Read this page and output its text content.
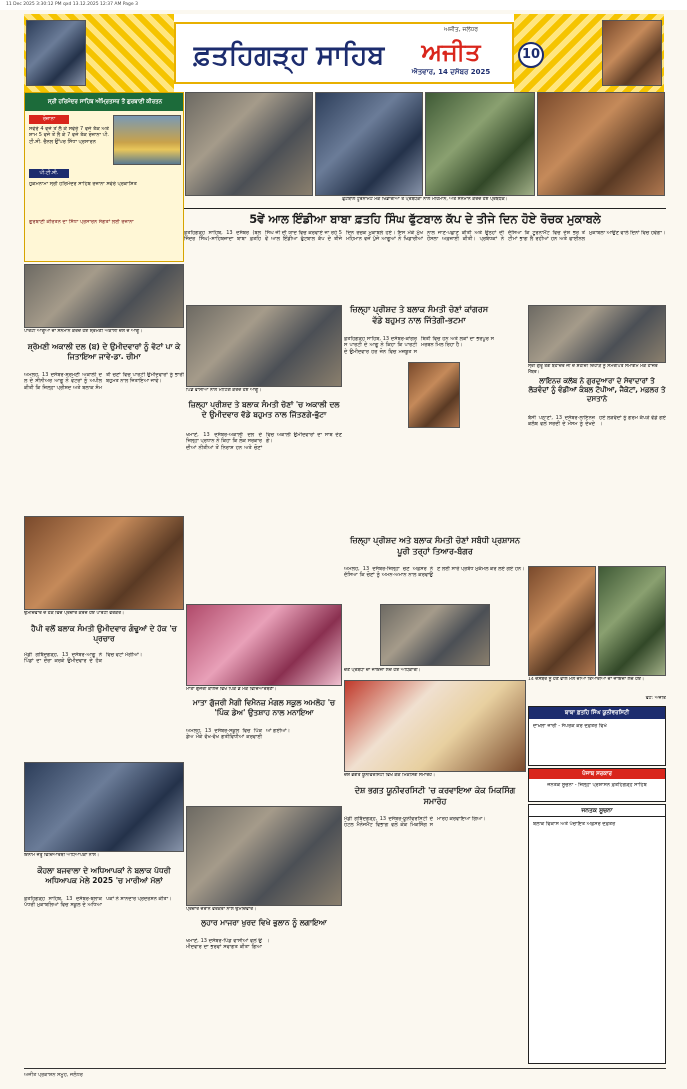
11 Dec 2025 3:30:12 PM qxd 13.12.2025 12:37 AM Page 3
ਅਜੀਤ, ਜਲੰਧਰ
ਫ਼ਤਹਿਗੜ੍ਹ ਸਾਹਿਬ	ਅਜੀਤ
ਐਤਵਾਰ, 14 ਦਸੰਬਰ 2025
10
ਸ੍ਰੀ ਹਰਿਮੰਦਰ ਸਾਹਿਬ ਅੰਮ੍ਰਿਤਸਰ ਤੋਂ ਗੁਰਬਾਣੀ ਕੀਰਤਨ
ਰੋਜ਼ਾਨਾ
ਸਵੇਰੇ 4 ਵਜੇ ਤੋਂ ਲੈ ਕੇ ਸਵੇਰੇ 7 ਵਜੇ ਤੱਕ ਅਤੇ ਸ਼ਾਮ 5 ਵਜੇ ਤੋਂ ਲੈ ਕੇ 7 ਵਜੇ ਤੱਕ ਰੋਜ਼ਾਨਾ ਪੀ.ਟੀ.ਸੀ. ਚੈਨਲ ਉੱਪਰ ਸਿੱਧਾ ਪ੍ਰਸਾਰਨ
ਪੀ.ਟੀ.ਸੀ.
ਹੁਕਮਨਾਮਾ ਸ੍ਰੀ ਹਰਿਮੰਦਰ ਸਾਹਿਬ ਰੋਜ਼ਾਨਾ ਸਵੇਰੇ ਪ੍ਰਕਾਸ਼ਿਤ
ਗੁਰਬਾਣੀ ਕੀਰਤਨ ਦਾ ਸਿੱਧਾ ਪ੍ਰਸਾਰਨ ਸੰਗਤਾਂ ਲਈ ਰੋਜ਼ਾਨਾ
ਫ਼ੁੱਟਬਾਲ ਟੂਰਨਾਮੈਂਟ ਮੌਕੇ ਖਿਡਾਰੀਆਂ ਤੇ ਪ੍ਰਬੰਧਕਾਂ ਨਾਲ ਮਹਿਮਾਨ, ਅਤੇ ਸਨਮਾਨ ਕਰਦੇ ਹੋਏ ਪ੍ਰਬੰਧਕ।
5ਵੇਂ ਆਲ ਇੰਡੀਆ ਬਾਬਾ ਫ਼ਤਹਿ ਸਿੰਘ ਫੁੱਟਬਾਲ ਕੱਪ ਦੇ ਤੀਜੇ ਦਿਨ ਹੋਏ ਰੋਚਕ ਮੁਕਾਬਲੇ
ਫ਼ਤਹਿਗੜ੍ਹ ਸਾਹਿਬ, 13 ਦਸੰਬਰ (ਬਲਜਿੰਦਰ ਸਿੰਘ)-ਸਾਹਿਬਜ਼ਾਦਾ ਬਾਬਾ ਫ਼ਤਹਿ ਸਿੰਘ ਜੀ ਦੀ ਯਾਦ ਵਿਚ ਕਰਵਾਏ ਜਾ ਰਹੇ 5ਵੇਂ ਆਲ ਇੰਡੀਆ ਫੁੱਟਬਾਲ ਕੱਪ ਦੇ ਤੀਜੇ ਦਿਨ ਰੋਚਕ ਮੁਕਾਬਲੇ ਹੋਏ। ਇਸ ਮੌਕੇ ਮੁੱਖ ਮਹਿਮਾਨ ਵਜੋਂ ਪੁੱਜੇ ਆਗੂਆਂ ਨੇ ਖਿਡਾਰੀਆਂ ਨਾਲ ਜਾਣ-ਪਛਾਣ ਕੀਤੀ ਅਤੇ ਉਨ੍ਹਾਂ ਦੀ ਹੌਸਲਾ ਅਫ਼ਜ਼ਾਈ ਕੀਤੀ। ਪ੍ਰਬੰਧਕਾਂ ਨੇ ਦੱਸਿਆ ਕਿ ਟੂਰਨਾਮੈਂਟ ਵਿਚ ਦੇਸ਼ ਭਰ ਤੋਂ ਟੀਮਾਂ ਭਾਗ ਲੈ ਰਹੀਆਂ ਹਨ ਅਤੇ ਫਾਈਨਲ ਮੁਕਾਬਲਾ ਆਉਣ ਵਾਲੇ ਦਿਨਾਂ ਵਿਚ ਹੋਵੇਗਾ।
ਪਾਰਟੀ ਆਗੂਆਂ ਦਾ ਸਨਮਾਨ ਕਰਦੇ ਹੋਏ ਸ਼੍ਰੋਮਣੀ ਅਕਾਲੀ ਦਲ ਦੇ ਆਗੂ।
ਸ਼੍ਰੋਮਣੀ ਅਕਾਲੀ ਦਲ (ਬ) ਦੇ ਉਮੀਦਵਾਰਾਂ ਨੂੰ ਵੋਟਾਂ ਪਾ ਕੇ ਜਿਤਾਇਆ ਜਾਵੇ-ਡਾ. ਚੀਮਾ
ਅਮਲੋਹ, 13 ਦਸੰਬਰ-ਸ਼੍ਰੋਮਣੀ ਅਕਾਲੀ ਦਲ ਦੇ ਸੀਨੀਅਰ ਆਗੂ ਨੇ ਵੋਟਰਾਂ ਨੂੰ ਅਪੀਲ ਕੀਤੀ ਕਿ ਜ਼ਿਲ੍ਹਾ ਪ੍ਰੀਸ਼ਦ ਅਤੇ ਬਲਾਕ ਸੰਮਤੀ ਚੋਣਾਂ ਵਿਚ ਪਾਰਟੀ ਉਮੀਦਵਾਰਾਂ ਨੂੰ ਭਾਰੀ ਬਹੁਮਤ ਨਾਲ ਜਿਤਾਇਆ ਜਾਵੇ।
ਉਮੀਦਵਾਰ ਦੇ ਹੱਕ ਵਿਚ ਪ੍ਰਚਾਰ ਕਰਦੇ ਹੋਏ ਪਾਰਟੀ ਵਰਕਰ।
ਹੈਪੀ ਵਲੋਂ ਬਲਾਕ ਸੰਮਤੀ ਉਮੀਦਵਾਰ ਗੰਢੂਆਂ ਦੇ ਹੱਕ 'ਚ ਪ੍ਰਚਾਰ
ਮੰਡੀ ਗੋਬਿੰਦਗੜ੍ਹ, 13 ਦਸੰਬਰ-ਆਗੂ ਨੇ ਪਿੰਡਾਂ ਦਾ ਦੌਰਾ ਕਰਕੇ ਉਮੀਦਵਾਰ ਦੇ ਹੱਕ ਵਿਚ ਵੋਟਾਂ ਮੰਗੀਆਂ।
ਇਨਾਮ ਜੇਤੂ ਵਿਦਿਆਰਥੀ ਅਧਿਆਪਕਾਂ ਨਾਲ।
ਕੌਹਲਾ ਬਜਵਾਲਾ ਦੇ ਅਧਿਆਪਕਾਂ ਨੇ ਬਲਾਕ ਪੱਧਰੀ ਅਧਿਆਪਕ ਮੇਲੇ 2025 'ਚ ਮਾਰੀਆਂ ਮੱਲਾਂ
ਫ਼ਤਹਿਗੜ੍ਹ ਸਾਹਿਬ, 13 ਦਸੰਬਰ-ਬਲਾਕ ਪੱਧਰੀ ਮੁਕਾਬਲਿਆਂ ਵਿਚ ਸਕੂਲ ਦੇ ਅਧਿਆਪਕਾਂ ਨੇ ਸ਼ਾਨਦਾਰ ਪ੍ਰਦਰਸ਼ਨ ਕੀਤਾ।
ਪਿੰਡ ਵਾਸੀਆਂ ਨਾਲ ਮੀਟਿੰਗ ਕਰਦੇ ਹੋਏ ਆਗੂ।
ਜ਼ਿਲ੍ਹਾ ਪ੍ਰੀਸ਼ਦ ਤੇ ਬਲਾਕ ਸੰਮਤੀ ਚੋਣਾਂ 'ਚ ਅਕਾਲੀ ਦਲ ਦੇ ਉਮੀਦਵਾਰ ਵੱਡੇ ਬਹੁਮਤ ਨਾਲ ਜਿੱਤਣਗੇ-ਭੁੱਟਾ
ਖਮਾਣੋਂ, 13 ਦਸੰਬਰ-ਅਕਾਲੀ ਦਲ ਦੇ ਜ਼ਿਲ੍ਹਾ ਪ੍ਰਧਾਨ ਨੇ ਕਿਹਾ ਕਿ ਲੋਕ ਸਰਕਾਰ ਦੀਆਂ ਨੀਤੀਆਂ ਤੋਂ ਨਿਰਾਸ਼ ਹਨ ਅਤੇ ਚੋਣਾਂ ਵਿਚ ਅਕਾਲੀ ਉਮੀਦਵਾਰਾਂ ਦਾ ਸਾਥ ਦੇਣਗੇ।
ਜ਼ਿਲ੍ਹਾ ਪ੍ਰੀਸ਼ਦ ਤੇ ਬਲਾਕ ਸੰਮਤੀ ਚੋਣਾਂ ਕਾਂਗਰਸ ਵੱਡੇ ਬਹੁਮਤ ਨਾਲ ਜਿੱਤੇਗੀ-ਭਟਮਾ
ਫ਼ਤਹਿਗੜ੍ਹ ਸਾਹਿਬ, 13 ਦਸੰਬਰ-ਕਾਂਗਰਸ ਪਾਰਟੀ ਦੇ ਆਗੂ ਨੇ ਕਿਹਾ ਕਿ ਪਾਰਟੀ ਦੇ ਉਮੀਦਵਾਰ ਹਰ ਜ਼ੋਨ ਵਿਚ ਮਜ਼ਬੂਤ ਸਥਿਤੀ ਵਿਚ ਹਨ ਅਤੇ ਲੋਕਾਂ ਦਾ ਭਰਪੂਰ ਸਮਰਥਨ ਮਿਲ ਰਿਹਾ ਹੈ।
ਜ਼ਿਲ੍ਹਾ ਪ੍ਰੀਸ਼ਦ ਅਤੇ ਬਲਾਕ ਸੰਮਤੀ ਚੋਣਾਂ ਸਬੰਧੀ ਪ੍ਰਸ਼ਾਸਨ ਪੂਰੀ ਤਰ੍ਹਾਂ ਤਿਆਰ-ਬੰਗਰ
ਅਮਲੋਹ, 13 ਦਸੰਬਰ-ਜ਼ਿਲ੍ਹਾ ਚੋਣ ਅਫ਼ਸਰ ਨੇ ਦੱਸਿਆ ਕਿ ਚੋਣਾਂ ਨੂੰ ਅਮਨ-ਅਮਾਨ ਨਾਲ ਕਰਵਾਉਣ ਲਈ ਸਾਰੇ ਪ੍ਰਬੰਧ ਮੁਕੰਮਲ ਕਰ ਲਏ ਗਏ ਹਨ।
ਚੋਣ ਪ੍ਰਬੰਧਾਂ ਦਾ ਜਾਇਜ਼ਾ ਲੈਂਦੇ ਹੋਏ ਅਧਿਕਾਰੀ।
ਮਾਤਾ ਗੁੱਜਰੀ ਕਾਲਜ ਵਿਖੇ ਪਿੰਕ ਡੇ ਮੌਕੇ ਵਿਦਿਆਰਥਣਾਂ।
ਮਾਤਾ ਗੁੱਜਰੀ ਮੈਗੀ ਵਿਮੈਨਜ਼ ਮੰਗਲ ਸਕੂਲ ਅਮਲੋਹ 'ਚ 'ਪਿੰਕ ਡੇਅ' ਉਤਸ਼ਾਹ ਨਾਲ ਮਨਾਇਆ
ਅਮਲੋਹ, 13 ਦਸੰਬਰ-ਸਕੂਲ ਵਿਚ ਪਿੰਕ ਡੇਅ ਮੌਕੇ ਵੱਖ-ਵੱਖ ਗਤੀਵਿਧੀਆਂ ਕਰਵਾਈਆਂ ਗਈਆਂ।
ਪ੍ਰਚਾਰ ਦੌਰਾਨ ਵਰਕਰਾਂ ਨਾਲ ਉਮੀਦਵਾਰ।
ਲੁਹਾਰ ਮਾਜਰਾ ਖੁਰਦ ਵਿਖੇ ਭੁਲਾਨ ਨੂੰ ਲਗਾਇਆ
ਖਮਾਣੋਂ, 13 ਦਸੰਬਰ-ਪਿੰਡ ਵਾਸੀਆਂ ਵਲੋਂ ਉਮੀਦਵਾਰ ਦਾ ਭਰਵਾਂ ਸਵਾਗਤ ਕੀਤਾ ਗਿਆ।
ਦੇਸ਼ ਭਗਤ ਯੂਨੀਵਰਸਿਟੀ ਵਿਖੇ ਕੇਕ ਮਿਕਸਿੰਗ ਸਮਾਰੋਹ।
ਦੇਸ਼ ਭਗਤ ਯੂਨੀਵਰਸਿਟੀ 'ਚ ਕਰਵਾਇਆ ਕੇਕ ਮਿਕਸਿੰਗ ਸਮਾਰੋਹ
ਮੰਡੀ ਗੋਬਿੰਦਗੜ੍ਹ, 13 ਦਸੰਬਰ-ਯੂਨੀਵਰਸਿਟੀ ਦੇ ਹੋਟਲ ਮੈਨੇਜਮੈਂਟ ਵਿਭਾਗ ਵਲੋਂ ਕੇਕ ਮਿਕਸਿੰਗ ਸਮਾਰੋਹ ਕਰਵਾਇਆ ਗਿਆ।
ਸ੍ਰੀ ਗੁਰੂ ਤੇਗ ਬਹਾਦਰ ਜੀ ਦੇ ਸ਼ਹੀਦੀ ਦਿਹਾੜੇ ਨੂੰ ਸਮਰਪਿਤ ਸਮਾਗਮ ਮੌਕੇ ਹਾਜ਼ਰ ਮੈਂਬਰ।
ਲਾਇਨਜ਼ ਕਲੱਬ ਨੇ ਗੁਰਦੁਆਰਾ ਦੇ ਸੇਵਾਦਾਰਾਂ ਤੇ ਲੋੜਵੰਦਾਂ ਨੂੰ ਵੰਡੀਆਂ ਕੰਬਲ ਟੋਪੀਆਂ, ਜੈਕੇਟਾਂ, ਮਫ਼ਲਰ ਤੇ ਦਸਤਾਨੇ
ਬੱਸੀ ਪਠਾਣਾਂ, 13 ਦਸੰਬਰ-ਲਾਇਨਜ਼ ਕਲੱਬ ਵਲੋਂ ਸਰਦੀ ਦੇ ਮੌਸਮ ਨੂੰ ਦੇਖਦੇ ਹੋਏ ਲੋੜਵੰਦਾਂ ਨੂੰ ਗਰਮ ਕੱਪੜੇ ਵੰਡੇ ਗਏ।
14 ਦਸੰਬਰ ਨੂੰ ਹੋਣ ਵਾਲੇ ਮੇਲੇ ਦੀਆਂ ਤਿਆਰੀਆਂ ਦਾ ਜਾਇਜ਼ਾ ਲੈਂਦੇ ਹੋਏ।
ਫੋਟੋ: ਅਜੀਤ
ਬਾਬਾ ਫ਼ਤਹਿ ਸਿੰਘ ਯੂਨੀਵਰਸਿਟੀ
ਦਾਖ਼ਲਾ ਜਾਰੀ - ਸੰਪਰਕ ਕਰੋ ਦਫ਼ਤਰ ਵਿਖੇ
ਪੰਜਾਬ ਸਰਕਾਰ
ਜਨਤਕ ਸੂਚਨਾ - ਜ਼ਿਲ੍ਹਾ ਪ੍ਰਸ਼ਾਸਨ ਫ਼ਤਹਿਗੜ੍ਹ ਸਾਹਿਬ
ਜਨਤਕ ਸੂਚਨਾ
ਬਲਾਕ ਵਿਕਾਸ ਅਤੇ ਪੰਚਾਇਤ ਅਫ਼ਸਰ ਦਫ਼ਤਰ
ਅਜੀਤ ਪ੍ਰਕਾਸ਼ਨ ਸਮੂਹ, ਜਲੰਧਰ
